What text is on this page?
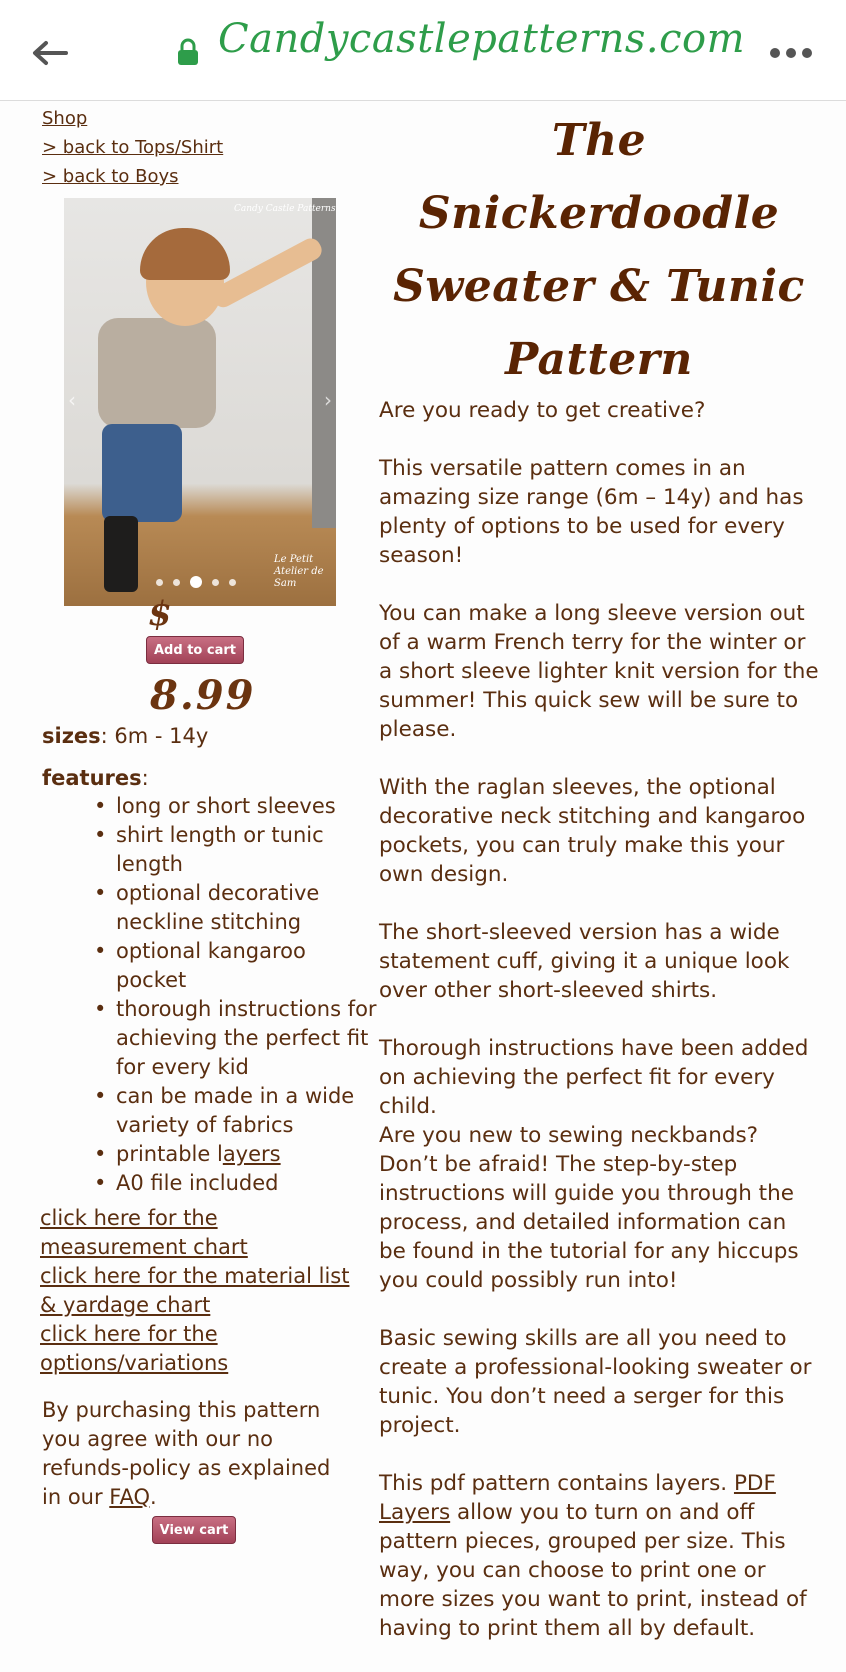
Candycastlepatterns.com
Shop
> back to Tops/Shirt
> back to Boys
Candy Castle Patterns
Le Petit Atelier de Sam
‹	›
$
Add to cart
8.99
sizes: 6m - 14y
features:
• long or short sleeves
• shirt length or tunic length
• optional decorative neckline stitching
• optional kangaroo pocket
• thorough instructions for achieving the perfect fit for every kid
• can be made in a wide variety of fabrics
• printable layers
• A0 file included
click here for the measurement chart
click here for the material list & yardage chart
click here for the options/variations
By purchasing this pattern you agree with our no refunds-policy as explained in our FAQ.
View cart
The Snickerdoodle Sweater & Tunic Pattern

Are you ready to get creative?

This versatile pattern comes in an amazing size range (6m – 14y) and has plenty of options to be used for every season!

You can make a long sleeve version out of a warm French terry for the winter or a short sleeve lighter knit version for the summer! This quick sew will be sure to please.

With the raglan sleeves, the optional decorative neck stitching and kangaroo pockets, you can truly make this your own design.

The short-sleeved version has a wide statement cuff, giving it a unique look over other short-sleeved shirts.

Thorough instructions have been added on achieving the perfect fit for every child.

Are you new to sewing neckbands? Don’t be afraid! The step-by-step instructions will guide you through the process, and detailed information can be found in the tutorial for any hiccups you could possibly run into!

Basic sewing skills are all you need to create a professional-looking sweater or tunic. You don’t need a serger for this project.

This pdf pattern contains layers. PDF Layers allow you to turn on and off pattern pieces, grouped per size. This way, you can choose to print one or more sizes you want to print, instead of having to print them all by default.
